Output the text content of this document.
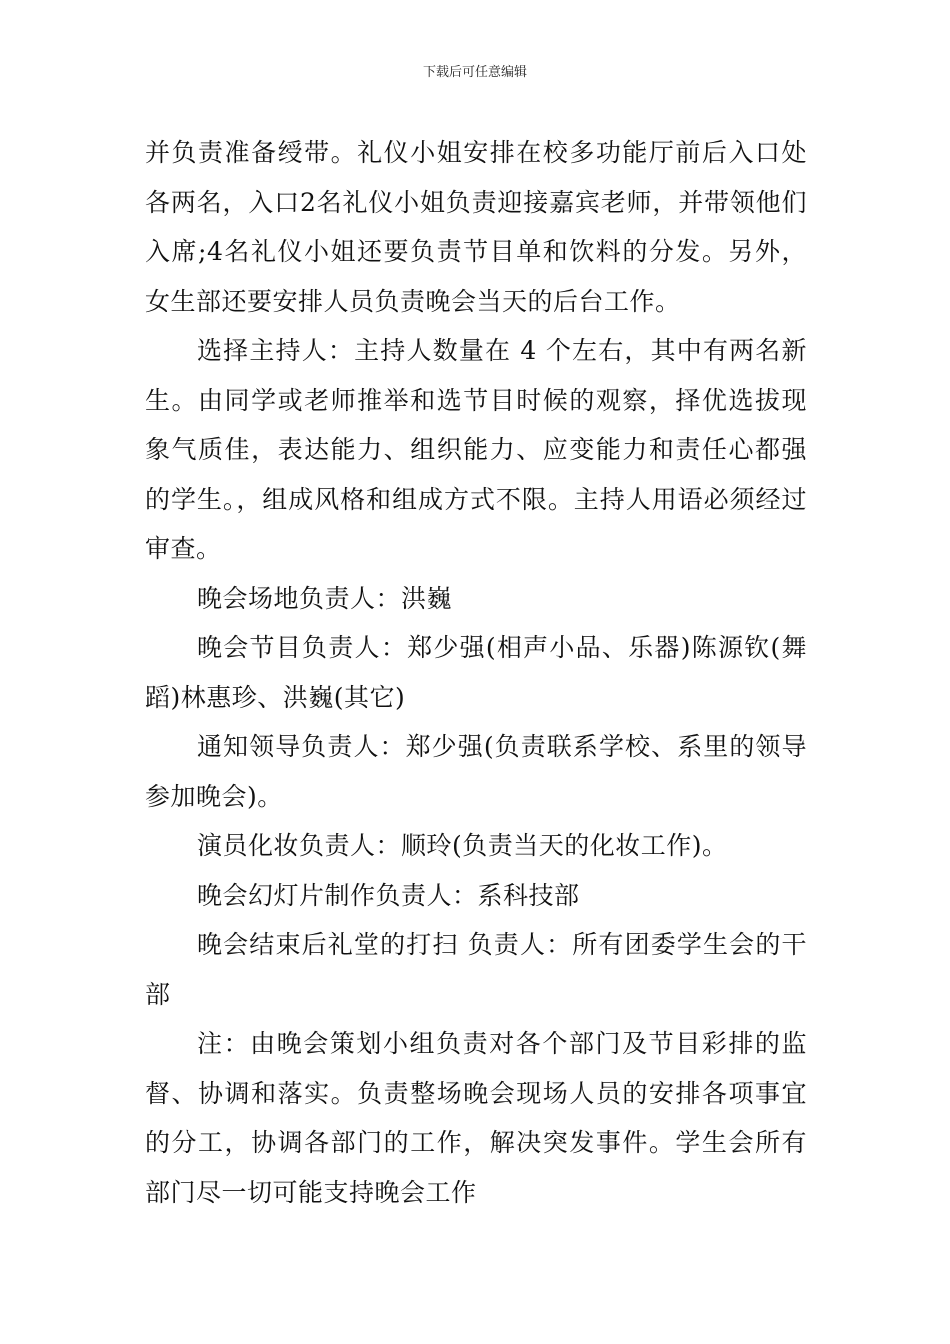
下载后可任意编辑

并负责准备绶带。礼仪小姐安排在校多功能厅前后入口处各两名，入口2名礼仪小姐负责迎接嘉宾老师，并带领他们入席;4名礼仪小姐还要负责节目单和饮料的分发。另外，女生部还要安排人员负责晚会当天的后台工作。

选择主持人：主持人数量在 4 个左右，其中有两名新生。由同学或老师推举和选节目时候的观察，择优选拔现象气质佳，表达能力、组织能力、应变能力和责任心都强的学生。，组成风格和组成方式不限。主持人用语必须经过审查。

晚会场地负责人：洪巍

晚会节目负责人：郑少强(相声小品、乐器)陈源钦(舞蹈)林惠珍、洪巍(其它)

通知领导负责人：郑少强(负责联系学校、系里的领导参加晚会)。

演员化妆负责人：顺玲(负责当天的化妆工作)。

晚会幻灯片制作负责人：系科技部

晚会结束后礼堂的打扫 负责人：所有团委学生会的干部

注：由晚会策划小组负责对各个部门及节目彩排的监督、协调和落实。负责整场晚会现场人员的安排各项事宜的分工，协调各部门的工作，解决突发事件。学生会所有部门尽一切可能支持晚会工作
